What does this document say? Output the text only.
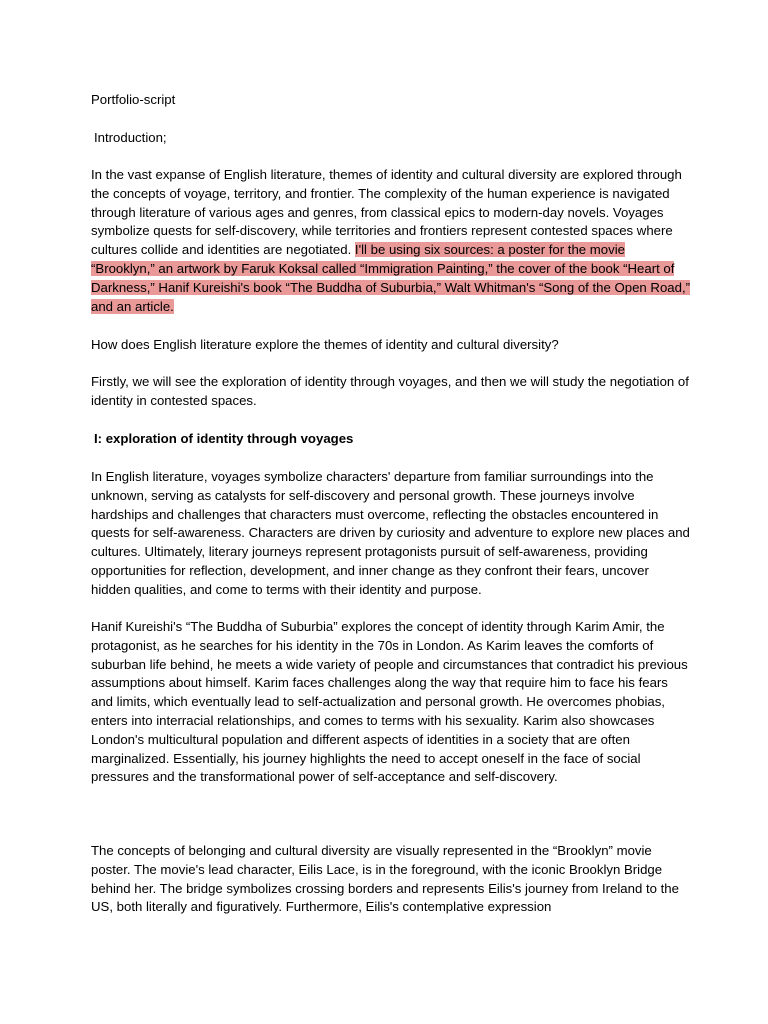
Portfolio-script

Introduction;

In the vast expanse of English literature, themes of identity and cultural diversity are explored through the concepts of voyage, territory, and frontier. The complexity of the human experience is navigated through literature of various ages and genres, from classical epics to modern-day novels. Voyages symbolize quests for self-discovery, while territories and frontiers represent contested spaces where cultures collide and identities are negotiated. I'll be using six sources: a poster for the movie “Brooklyn,” an artwork by Faruk Koksal called “Immigration Painting,” the cover of the book “Heart of Darkness,” Hanif Kureishi's book “The Buddha of Suburbia,” Walt Whitman's “Song of the Open Road,” and an article.

How does English literature explore the themes of identity and cultural diversity?

Firstly, we will see the exploration of identity through voyages, and then we will study the negotiation of identity in contested spaces.

I: exploration of identity through voyages

In English literature, voyages symbolize characters' departure from familiar surroundings into the unknown, serving as catalysts for self-discovery and personal growth. These journeys involve hardships and challenges that characters must overcome, reflecting the obstacles encountered in quests for self-awareness. Characters are driven by curiosity and adventure to explore new places and cultures. Ultimately, literary journeys represent protagonists pursuit of self-awareness, providing opportunities for reflection, development, and inner change as they confront their fears, uncover hidden qualities, and come to terms with their identity and purpose.

Hanif Kureishi's “The Buddha of Suburbia” explores the concept of identity through Karim Amir, the protagonist, as he searches for his identity in the 70s in London. As Karim leaves the comforts of suburban life behind, he meets a wide variety of people and circumstances that contradict his previous assumptions about himself. Karim faces challenges along the way that require him to face his fears and limits, which eventually lead to self-actualization and personal growth. He overcomes phobias, enters into interracial relationships, and comes to terms with his sexuality. Karim also showcases London's multicultural population and different aspects of identities in a society that are often marginalized. Essentially, his journey highlights the need to accept oneself in the face of social pressures and the transformational power of self-acceptance and self-discovery.

The concepts of belonging and cultural diversity are visually represented in the “Brooklyn” movie poster. The movie's lead character, Eilis Lace, is in the foreground, with the iconic Brooklyn Bridge behind her. The bridge symbolizes crossing borders and represents Eilis's journey from Ireland to the US, both literally and figuratively. Furthermore, Eilis's contemplative expression
